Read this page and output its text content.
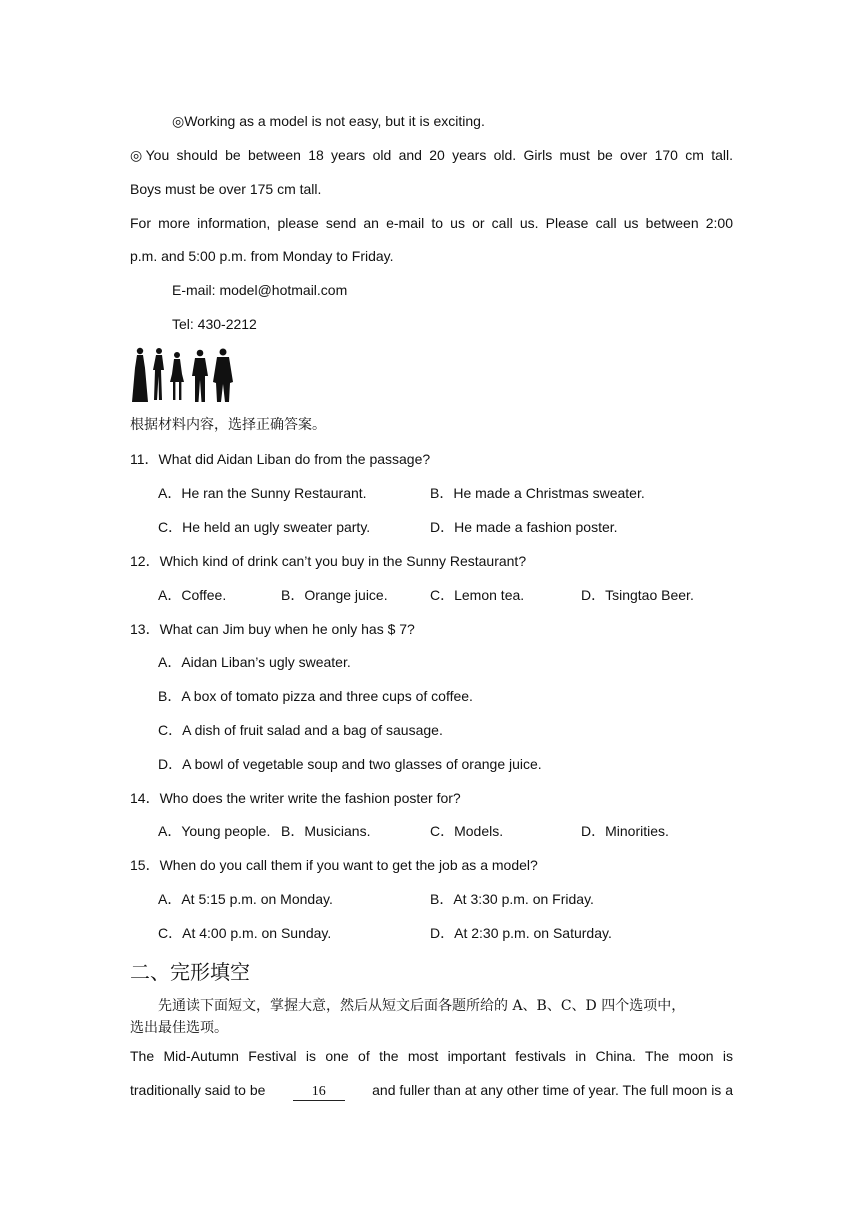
◎Working as a model is not easy, but it is exciting.
◎You should be between 18 years old and 20 years old. Girls must be over 170 cm tall.
Boys must be over 175 cm tall.
For more information, please send an e-mail to us or call us. Please call us between 2:00
p.m. and 5:00 p.m. from Monday to Friday.
E-mail: model@hotmail.com
Tel: 430-2212
根据材料内容，选择正确答案。
11．What did Aidan Liban do from the passage?
A．He ran the Sunny Restaurant.	B．He made a Christmas sweater.
C．He held an ugly sweater party.	D．He made a fashion poster.
12．Which kind of drink can’t you buy in the Sunny Restaurant?
A．Coffee.	B．Orange juice.	C．Lemon tea.	D．Tsingtao Beer.
13．What can Jim buy when he only has $ 7?
A．Aidan Liban’s ugly sweater.
B．A box of tomato pizza and three cups of coffee.
C．A dish of fruit salad and a bag of sausage.
D．A bowl of vegetable soup and two glasses of orange juice.
14．Who does the writer write the fashion poster for?
A．Young people. B．Musicians.	C．Models.	D．Minorities.
15．When do you call them if you want to get the job as a model?
A．At 5:15 p.m. on Monday.	B．At 3:30 p.m. on Friday.
C．At 4:00 p.m. on Sunday.	D．At 2:30 p.m. on Saturday.
二、完形填空
先通读下面短文，掌握大意，然后从短文后面各题所给的 A、B、C、D 四个选项中，
选出最佳选项。
The Mid-Autumn Festival is one of the most important festivals in China. The moon is
traditionally said to be	16	and fuller than at any other time of year. The full moon is a
